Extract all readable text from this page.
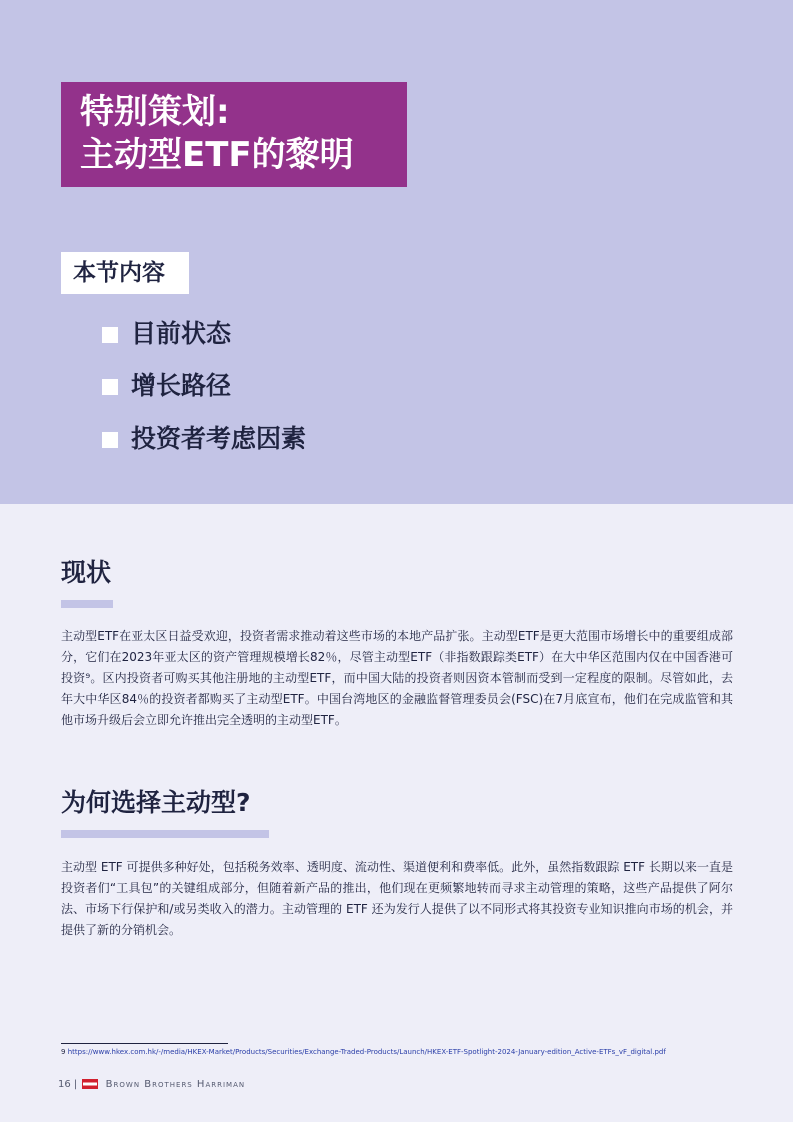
特别策划:
主动型ETF的黎明
本节内容
目前状态
增长路径
投资者考虑因素
现状

主动型ETF在亚太区日益受欢迎，投资者需求推动着这些市场的本地产品扩张。主动型ETF是更大范围市场增长中的重要组成部分，它们在2023年亚太区的资产管理规模增长82％，尽管主动型ETF（非指数跟踪类ETF）在大中华区范围内仅在中国香港可投资⁹。区内投资者可购买其他注册地的主动型ETF，而中国大陆的投资者则因资本管制而受到一定程度的限制。尽管如此，去年大中华区84％的投资者都购买了主动型ETF。中国台湾地区的金融监督管理委员会(FSC)在7月底宣布，他们在完成监管和其他市场升级后会立即允许推出完全透明的主动型ETF。

为何选择主动型?

主动型 ETF 可提供多种好处，包括税务效率、透明度、流动性、渠道便利和费率低。此外，虽然指数跟踪 ETF 长期以来一直是投资者们“工具包”的关键组成部分，但随着新产品的推出，他们现在更频繁地转而寻求主动管理的策略，这些产品提供了阿尔法、市场下行保护和/或另类收入的潜力。主动管理的 ETF 还为发行人提供了以不同形式将其投资专业知识推向市场的机会，并提供了新的分销机会。

9 https://www.hkex.com.hk/-/media/HKEX-Market/Products/Securities/Exchange-Traded-Products/Launch/HKEX-ETF-Spotlight-2024-January-edition_Active-ETFs_vF_digital.pdf
16 |	Brown Brothers Harriman
